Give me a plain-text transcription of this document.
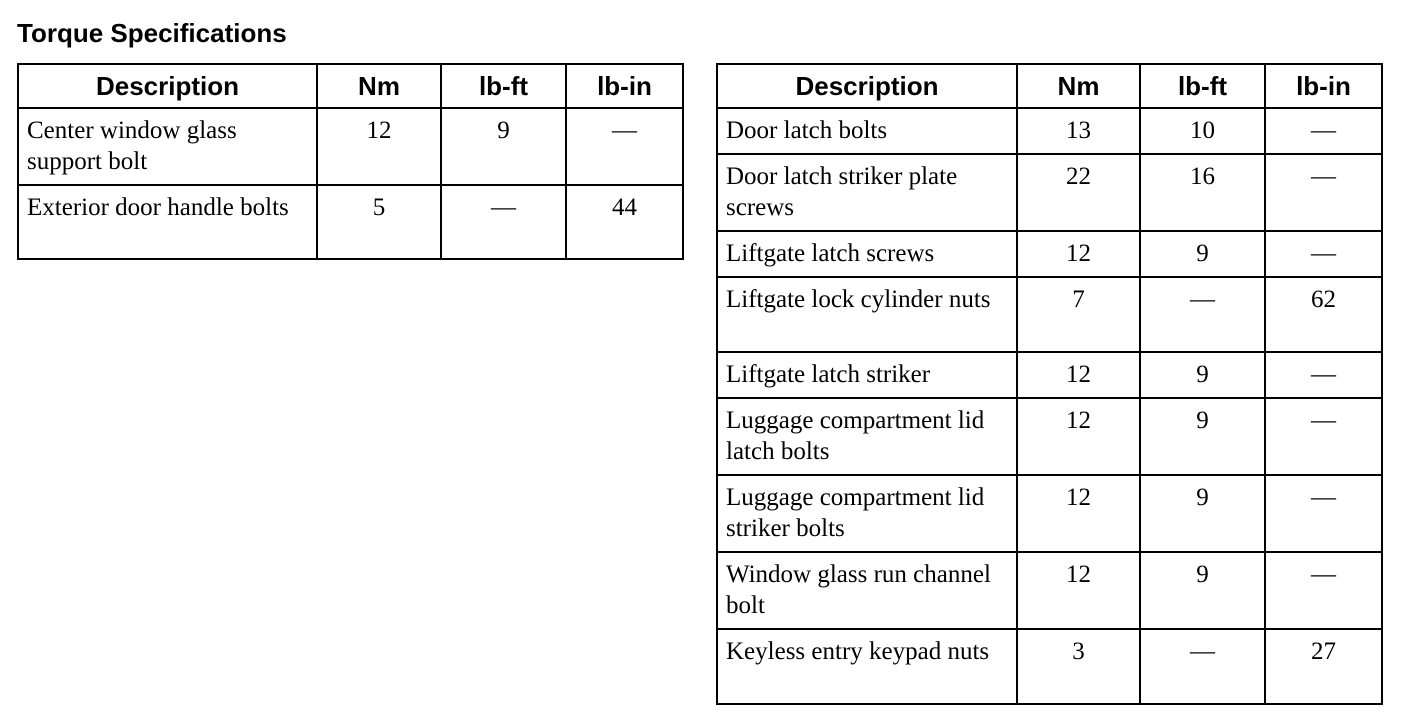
Torque Specifications
Description	Nm	lb-ft	lb-in
Center window glass support bolt	12	9	—
Exterior door handle bolts	5	—	44
Description	Nm	lb-ft	lb-in
Door latch bolts	13	10	—
Door latch striker plate screws	22	16	—
Liftgate latch screws	12	9	—
Liftgate lock cylinder nuts	7	—	62
Liftgate latch striker	12	9	—
Luggage compartment lid latch bolts	12	9	—
Luggage compartment lid striker bolts	12	9	—
Window glass run channel bolt	12	9	—
Keyless entry keypad nuts	3	—	27
